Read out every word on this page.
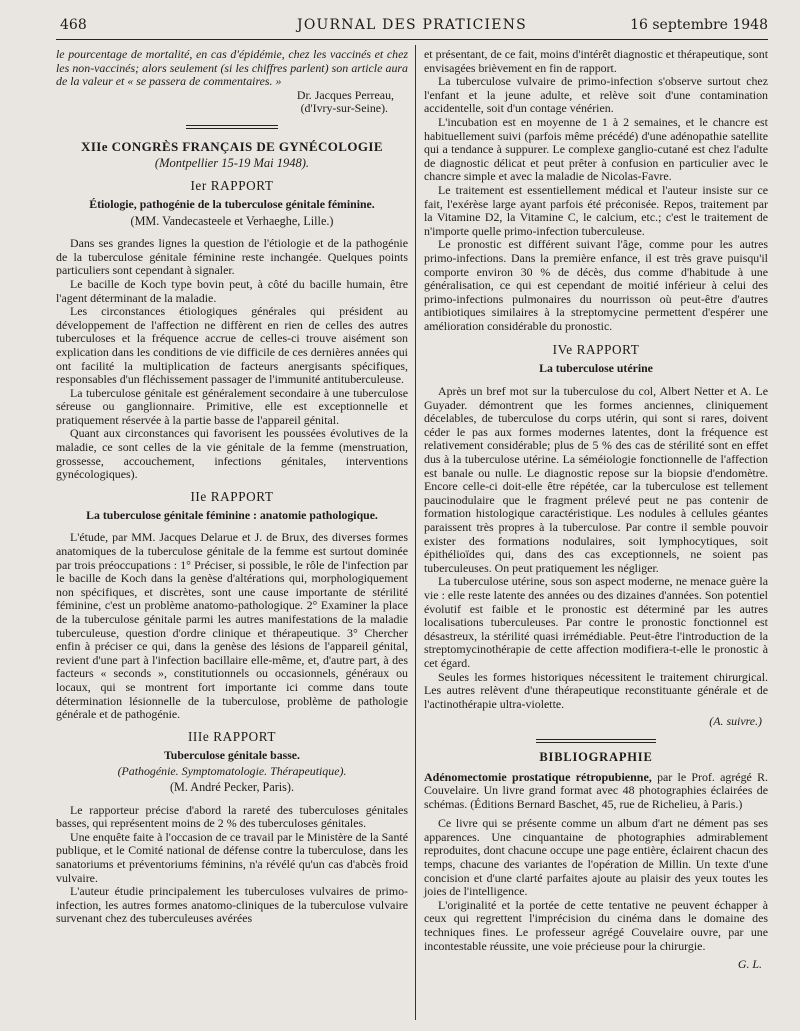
468	JOURNAL DES PRATICIENS	16 septembre 1948

le pourcentage de mortalité, en cas d'épidémie, chez les vaccinés et chez les non-vaccinés; alors seulement (si les chiffres parlent) son article aura de la valeur et « se passera de commentaires. »

Dr. Jacques Perreau,

(d'Ivry-sur-Seine).

XIIe CONGRÈS FRANÇAIS DE GYNÉCOLOGIE

(Montpellier 15-19 Mai 1948).

Ier RAPPORT

Étiologie, pathogénie de la tuberculose génitale féminine.

(MM. Vandecasteele et Verhaeghe, Lille.)

Dans ses grandes lignes la question de l'étiologie et de la pathogénie de la tuberculose génitale féminine reste inchangée. Quelques points particuliers sont cependant à signaler.

Le bacille de Koch type bovin peut, à côté du bacille humain, être l'agent déterminant de la maladie.

Les circonstances étiologiques générales qui président au développement de l'affection ne diffèrent en rien de celles des autres tuberculoses et la fréquence accrue de celles-ci trouve aisément son explication dans les conditions de vie difficile de ces dernières années qui ont facilité la multiplication de facteurs anergisants spécifiques, responsables d'un fléchissement passager de l'immunité antituberculeuse.

La tuberculose génitale est généralement secondaire à une tuberculose séreuse ou ganglionnaire. Primitive, elle est exceptionnelle et pratiquement réservée à la partie basse de l'appareil génital.

Quant aux circonstances qui favorisent les poussées évolutives de la maladie, ce sont celles de la vie génitale de la femme (menstruation, grossesse, accouchement, infections génitales, interventions gynécologiques).

IIe RAPPORT

La tuberculose génitale féminine : anatomie pathologique.

L'étude, par MM. Jacques Delarue et J. de Brux, des diverses formes anatomiques de la tuberculose génitale de la femme est surtout dominée par trois préoccupations : 1° Préciser, si possible, le rôle de l'infection par le bacille de Koch dans la genèse d'altérations qui, morphologiquement non spécifiques, et discrètes, sont une cause importante de stérilité féminine, c'est un problème anatomo-pathologique. 2° Examiner la place de la tuberculose génitale parmi les autres manifestations de la maladie tuberculeuse, question d'ordre clinique et thérapeutique. 3° Chercher enfin à préciser ce qui, dans la genèse des lésions de l'appareil génital, revient d'une part à l'infection bacillaire elle-même, et, d'autre part, à des facteurs « seconds », constitutionnels ou occasionnels, généraux ou locaux, qui se montrent fort importante ici comme dans toute détermination lésionnelle de la tuberculose, problème de pathologie générale et de pathogénie.

IIIe RAPPORT

Tuberculose génitale basse.

(Pathogénie. Symptomatologie. Thérapeutique).

(M. André Pecker, Paris).

Le rapporteur précise d'abord la rareté des tuberculoses génitales basses, qui représentent moins de 2 % des tuberculoses génitales.

Une enquête faite à l'occasion de ce travail par le Ministère de la Santé publique, et le Comité national de défense contre la tuberculose, dans les sanatoriums et préventoriums féminins, n'a révélé qu'un cas d'abcès froid vulvaire.

L'auteur étudie principalement les tuberculoses vulvaires de primo-infection, les autres formes anatomo-cliniques de la tuberculose vulvaire survenant chez des tuberculeuses avérées

et présentant, de ce fait, moins d'intérêt diagnostic et thérapeutique, sont envisagées brièvement en fin de rapport.

La tuberculose vulvaire de primo-infection s'observe surtout chez l'enfant et la jeune adulte, et relève soit d'une contamination accidentelle, soit d'un contage vénérien.

L'incubation est en moyenne de 1 à 2 semaines, et le chancre est habituellement suivi (parfois même précédé) d'une adénopathie satellite qui a tendance à suppurer. Le complexe ganglio-cutané est chez l'adulte de diagnostic délicat et peut prêter à confusion en particulier avec le chancre simple et avec la maladie de Nicolas-Favre.

Le traitement est essentiellement médical et l'auteur insiste sur ce fait, l'exérèse large ayant parfois été préconisée. Repos, traitement par la Vitamine D2, la Vitamine C, le calcium, etc.; c'est le traitement de n'importe quelle primo-infection tuberculeuse.

Le pronostic est différent suivant l'âge, comme pour les autres primo-infections. Dans la première enfance, il est très grave puisqu'il comporte environ 30 % de décès, dus comme d'habitude à une généralisation, ce qui est cependant de moitié inférieur à celui des primo-infections pulmonaires du nourrisson où peut-être d'autres antibiotiques similaires à la streptomycine permettent d'espérer une amélioration considérable du pronostic.

IVe RAPPORT

La tuberculose utérine

Après un bref mot sur la tuberculose du col, Albert Netter et A. Le Guyader. démontrent que les formes anciennes, cliniquement décelables, de tuberculose du corps utérin, qui sont si rares, doivent céder le pas aux formes modernes latentes, dont la fréquence est relativement considérable; plus de 5 % des cas de stérilité sont en effet dus à la tuberculose utérine. La séméiologie fonctionnelle de l'affection est banale ou nulle. Le diagnostic repose sur la biopsie d'endomètre. Encore celle-ci doit-elle être répétée, car la tuberculose est tellement paucinodulaire que le fragment prélevé peut ne pas contenir de formation histologique caractéristique. Les nodules à cellules géantes paraissent très propres à la tuberculose. Par contre il semble pouvoir exister des formations nodulaires, soit lymphocytiques, soit épithélioïdes qui, dans des cas exceptionnels, ne soient pas tuberculeuses. On peut pratiquement les négliger.

La tuberculose utérine, sous son aspect moderne, ne menace guère la vie : elle reste latente des années ou des dizaines d'années. Son potentiel évolutif est faible et le pronostic est déterminé par les autres localisations tuberculeuses. Par contre le pronostic fonctionnel est désastreux, la stérilité quasi irrémédiable. Peut-être l'introduction de la streptomycinothérapie de cette affection modifiera-t-elle le pronostic à cet égard.

Seules les formes historiques nécessitent le traitement chirurgical. Les autres relèvent d'une thérapeutique reconstituante générale et de l'actinothérapie ultra-violette.

(A. suivre.)

BIBLIOGRAPHIE

Adénomectomie prostatique rétropubienne, par le Prof. agrégé R. Couvelaire. Un livre grand format avec 48 photographies éclairées de schémas. (Éditions Bernard Baschet, 45, rue de Richelieu, à Paris.)

Ce livre qui se présente comme un album d'art ne dément pas ses apparences. Une cinquantaine de photographies admirablement reproduites, dont chacune occupe une page entière, éclairent chacun des temps, chacune des variantes de l'opération de Millin. Un texte d'une concision et d'une clarté parfaites ajoute au plaisir des yeux toutes les joies de l'intelligence.

L'originalité et la portée de cette tentative ne peuvent échapper à ceux qui regrettent l'imprécision du cinéma dans le domaine des techniques fines. Le professeur agrégé Couvelaire ouvre, par une incontestable réussite, une voie précieuse pour la chirurgie.

G. L.
